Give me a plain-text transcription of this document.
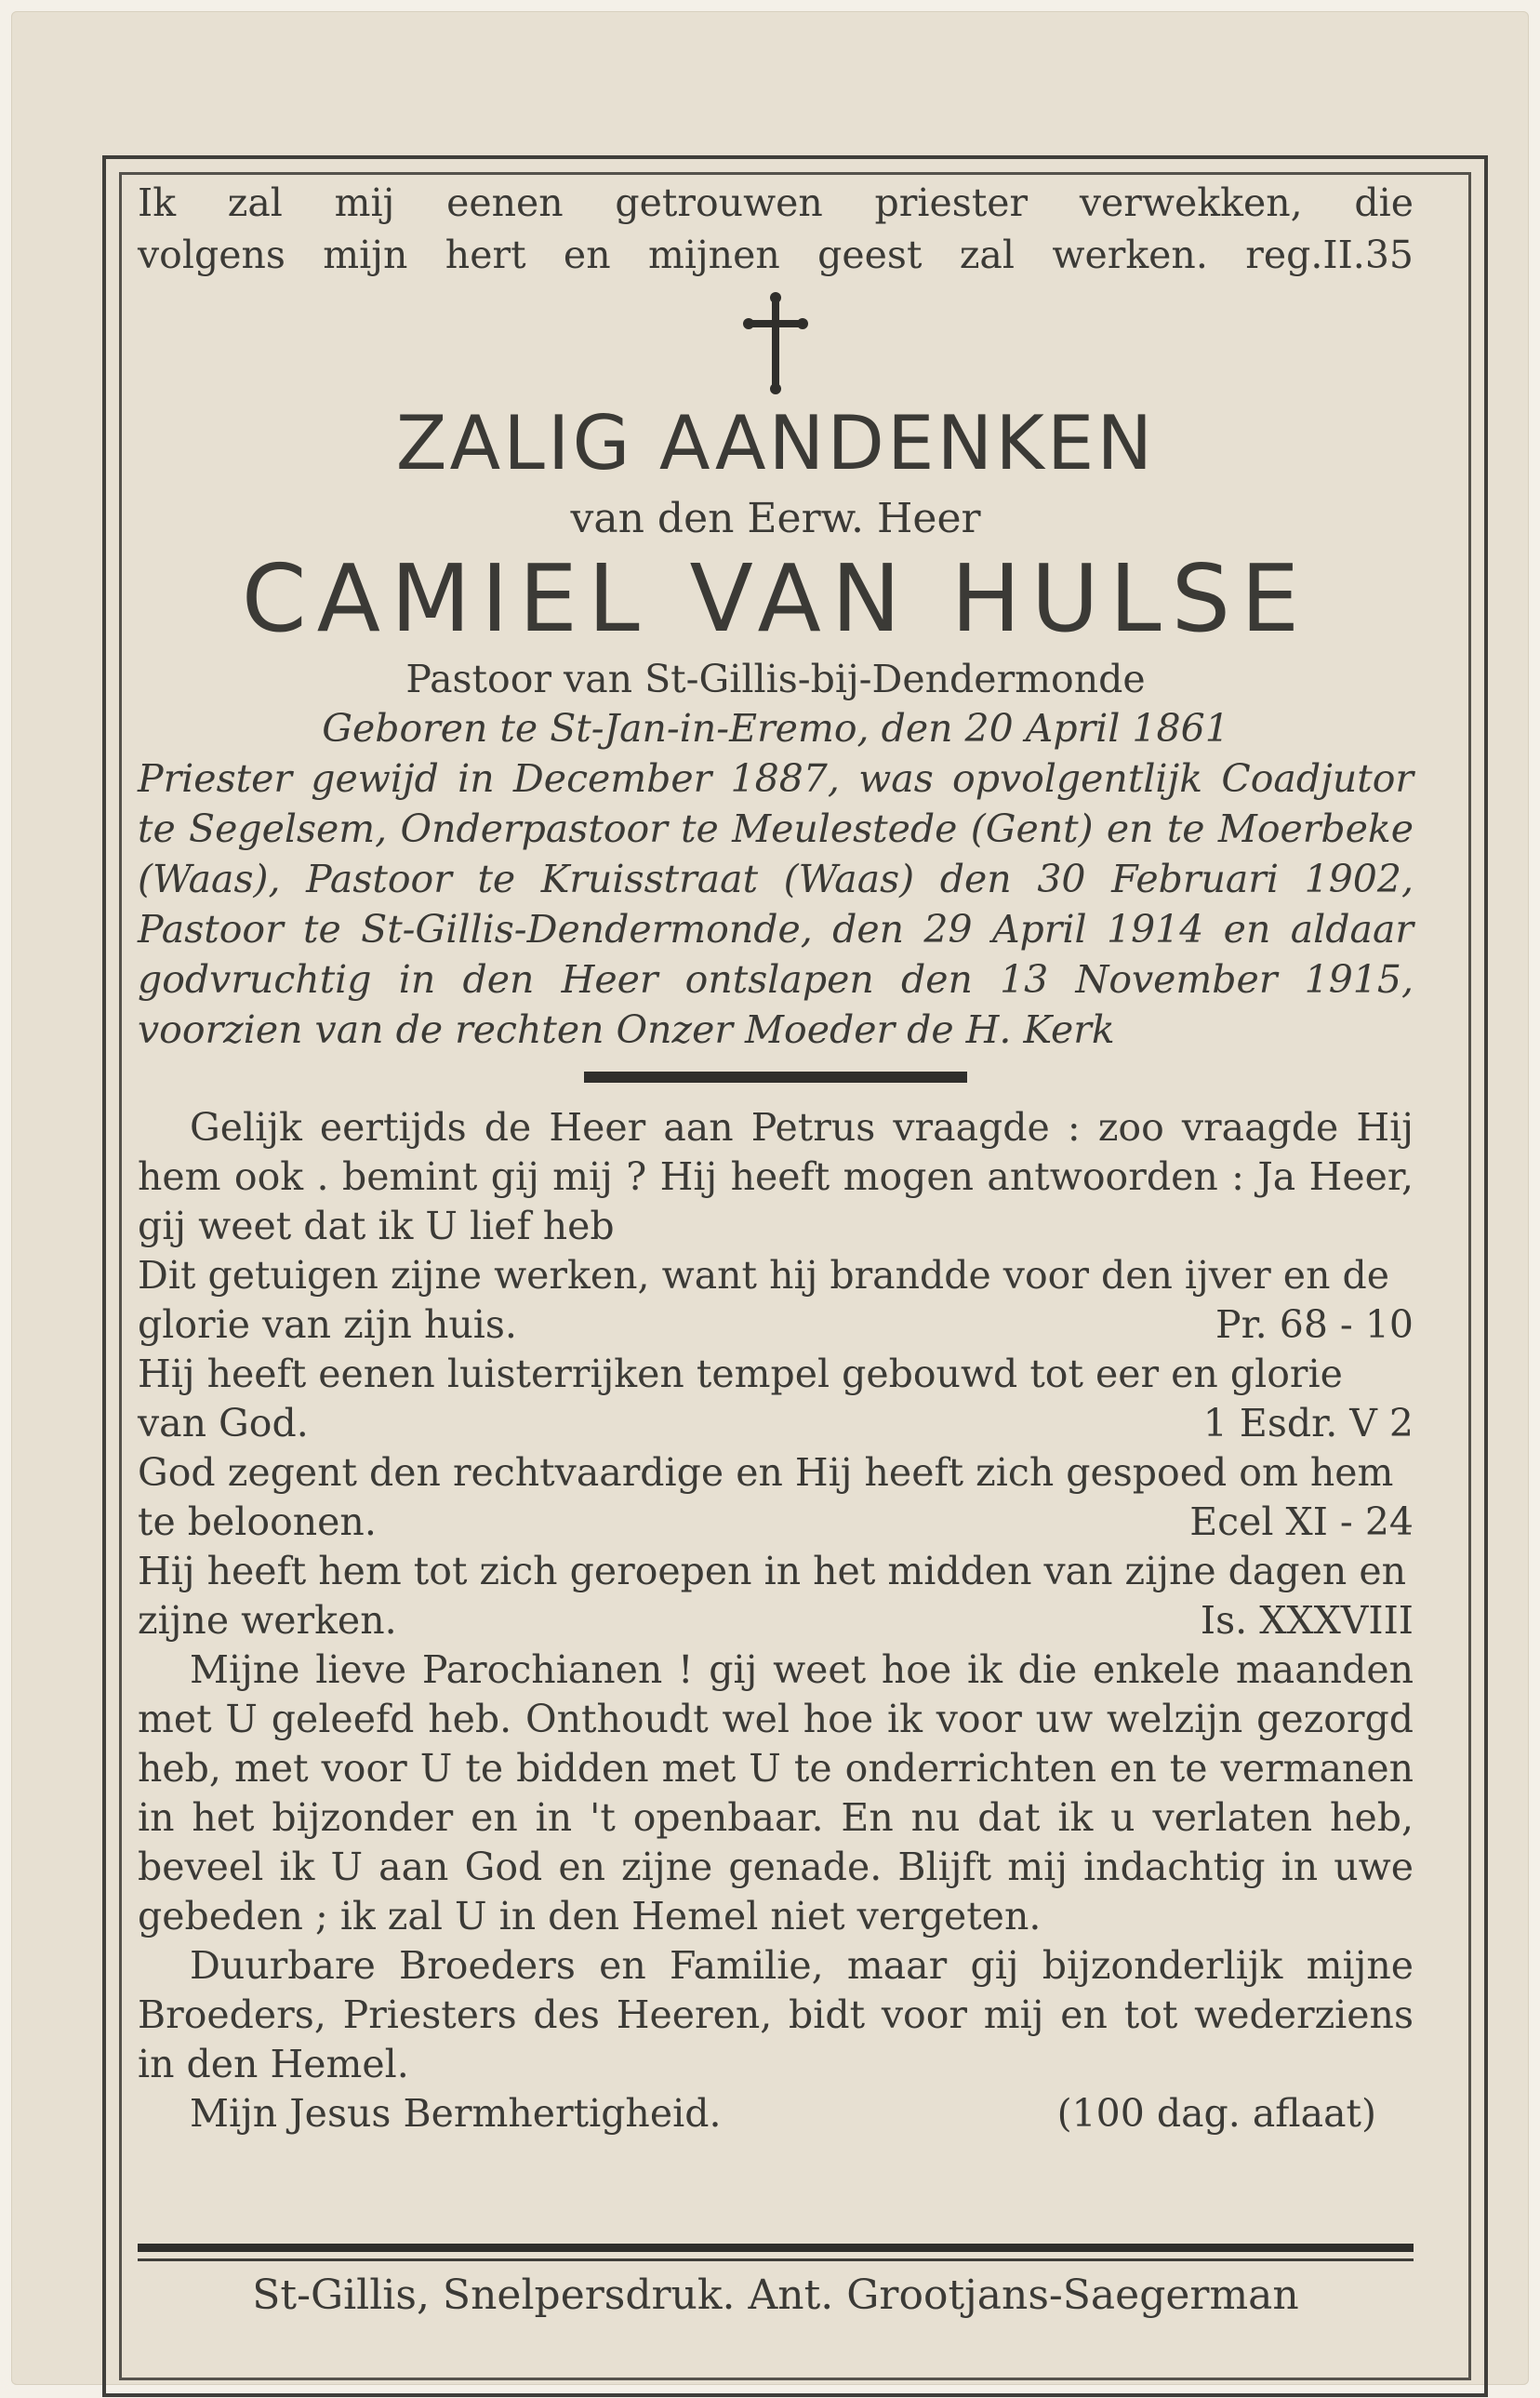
Ik zal mij eenen getrouwen priester verwekken, die

volgens mijn hert en mijnen geest zal werken. reg.II.35

ZALIG AANDENKEN

van den Eerw. Heer

CAMIEL VAN HULSE

Pastoor van St-Gillis-bij-Dendermonde

Geboren te St-Jan-in-Eremo, den 20 April 1861

Priester gewijd in December 1887, was opvolgentlijk Coadjutor te Segelsem, Onderpastoor te Meulestede (Gent) en te Moerbeke (Waas), Pastoor te Kruisstraat (Waas) den 30 Februari 1902, Pastoor te St-Gillis-Dendermonde, den 29 April 1914 en aldaar godvruchtig in den Heer ontslapen den 13 November 1915, voorzien van de rechten Onzer Moeder de H. Kerk

Gelijk eertijds de Heer aan Petrus vraagde : zoo vraagde Hij hem ook . bemint gij mij ? Hij heeft mogen antwoorden : Ja Heer, gij weet dat ik U lief heb

Dit getuigen zijne werken, want hij brandde voor den ijver en de glorie van zijn huis.	Pr. 68 - 10

Hij heeft eenen luisterrijken tempel gebouwd tot eer en glorie van God.	1 Esdr. V 2

God zegent den rechtvaardige en Hij heeft zich gespoed om hem te beloonen.	Ecel XI - 24

Hij heeft hem tot zich geroepen in het midden van zijne dagen en zijne werken.	Is. XXXVIII

Mijne lieve Parochianen ! gij weet hoe ik die enkele maanden met U geleefd heb. Onthoudt wel hoe ik voor uw welzijn gezorgd heb, met voor U te bidden met U te onderrichten en te vermanen in het bijzonder en in 't openbaar. En nu dat ik u verlaten heb, beveel ik U aan God en zijne genade. Blijft mij indachtig in uwe gebeden ; ik zal U in den Hemel niet vergeten.

Duurbare Broeders en Familie, maar gij bijzonderlijk mijne Broeders, Priesters des Heeren, bidt voor mij en tot wederziens in den Hemel.

Mijn Jesus Bermhertigheid.	(100 dag. aflaat)

St-Gillis, Snelpersdruk. Ant. Grootjans-Saegerman
